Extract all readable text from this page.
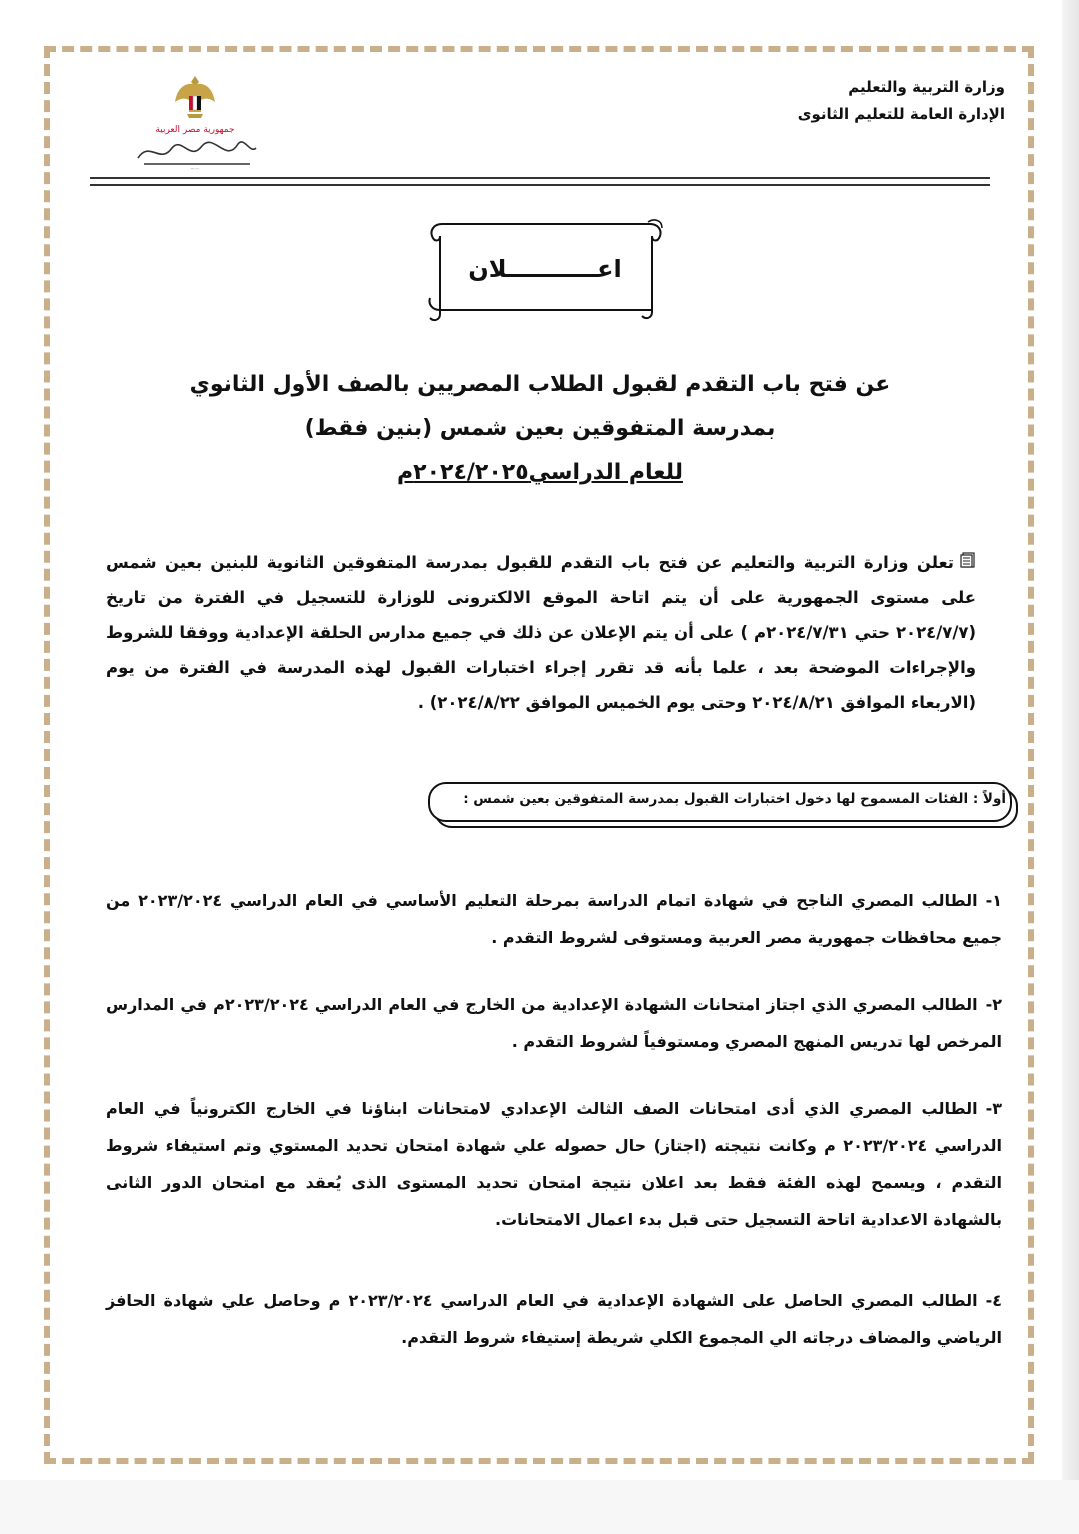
وزارة التربية والتعليم
الإدارة العامة للتعليم الثانوى
جمهورية مصر العربية
وزارة التربية والتعليم
اعـــــــــــلان
عن فتح باب التقدم لقبول الطلاب المصريين بالصف الأول الثانوي
بمدرسة المتفوقين بعين شمس (بنين فقط)
للعام الدراسي٢٠٢٤/٢٠٢٥م
تعلن وزارة التربية والتعليم عن فتح باب التقدم للقبول بمدرسة المتفوقين الثانوية للبنين بعين شمس على مستوى الجمهورية على أن يتم اتاحة الموقع الالكترونى للوزارة للتسجيل في الفترة من تاريخ (٢٠٢٤/٧/٧ حتي ٢٠٢٤/٧/٣١م ) على أن يتم الإعلان عن ذلك في جميع مدارس الحلقة الإعدادية ووفقا للشروط والإجراءات الموضحة بعد ، علما بأنه قد تقرر إجراء اختبارات القبول لهذه المدرسة في الفترة من يوم (الاربعاء الموافق ٢٠٢٤/٨/٢١ وحتى يوم الخميس الموافق ٢٠٢٤/٨/٢٢) .
أولاً : الفئات المسموح لها دخول اختبارات القبول بمدرسة المتفوقين بعين شمس :
١-الطالب المصري الناجح في شهادة اتمام الدراسة بمرحلة التعليم الأساسي في العام الدراسي ٢٠٢٣/٢٠٢٤ من جميع محافظات جمهورية مصر العربية ومستوفى لشروط التقدم .
٢-الطالب المصري الذي اجتاز امتحانات الشهادة الإعدادية من الخارج في العام الدراسي ٢٠٢٣/٢٠٢٤م في المدارس المرخص لها تدريس المنهج المصري ومستوفياً لشروط التقدم .
٣-الطالب المصري الذي أدى امتحانات الصف الثالث الإعدادي لامتحانات ابناؤنا في الخارج الكترونياً في العام الدراسي ٢٠٢٣/٢٠٢٤ م وكانت نتيجته (اجتاز) حال حصوله علي شهادة امتحان تحديد المستوي وتم استيفاء شروط التقدم ، ويسمح لهذه الفئة فقط بعد اعلان نتيجة امتحان تحديد المستوى الذى يُعقد مع امتحان الدور الثانى بالشهادة الاعدادية اتاحة التسجيل حتى قبل بدء اعمال الامتحانات.
٤-الطالب المصري الحاصل على الشهادة الإعدادية في العام الدراسي ٢٠٢٣/٢٠٢٤ م وحاصل علي شهادة الحافز الرياضي والمضاف درجاته الي المجموع الكلي شريطة إستيفاء شروط التقدم.
